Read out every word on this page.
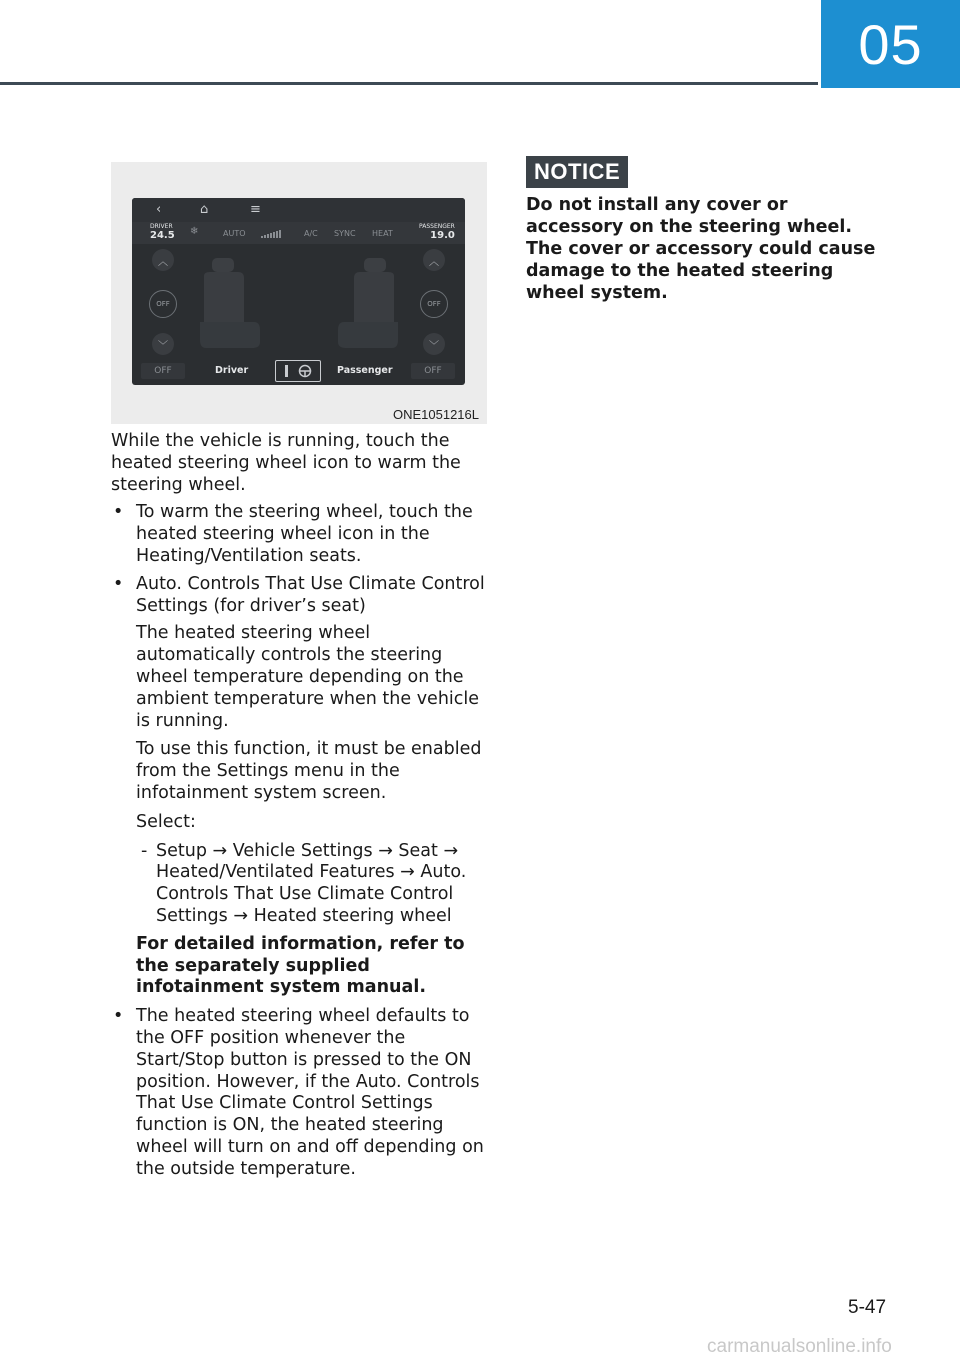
05
‹	⌂	≡
DRIVER
24.5 ❄	AUTO	A/C SYNC HEAT
PASSENGER
19.0
︿
OFF
﹀
︿
OFF
﹀
OFF	Driver	Passenger	OFF
ONE1051216L

While the vehicle is running, touch the heated steering wheel icon to warm the steering wheel.

• To warm the steering wheel, touch the heated steering wheel icon in the Heating/Ventilation seats.

• Auto. Controls That Use Climate Control Settings (for driver’s seat)

The heated steering wheel automatically controls the steering wheel temperature depending on the ambient temperature when the vehicle is running.

To use this function, it must be enabled from the Settings menu in the infotainment system screen.

Select:

- Setup → Vehicle Settings → Seat → Heated/Ventilated Features → Auto. Controls That Use Climate Control Settings → Heated steering wheel

For detailed information, refer to the separately supplied infotainment system manual.

• The heated steering wheel defaults to the OFF position whenever the Start/Stop button is pressed to the ON position. However, if the Auto. Controls That Use Climate Control Settings function is ON, the heated steering wheel will turn on and off depending on the outside temperature.

NOTICE

Do not install any cover or accessory on the steering wheel. The cover or accessory could cause damage to the heated steering wheel system.

5-47
carmanualsonline.info
